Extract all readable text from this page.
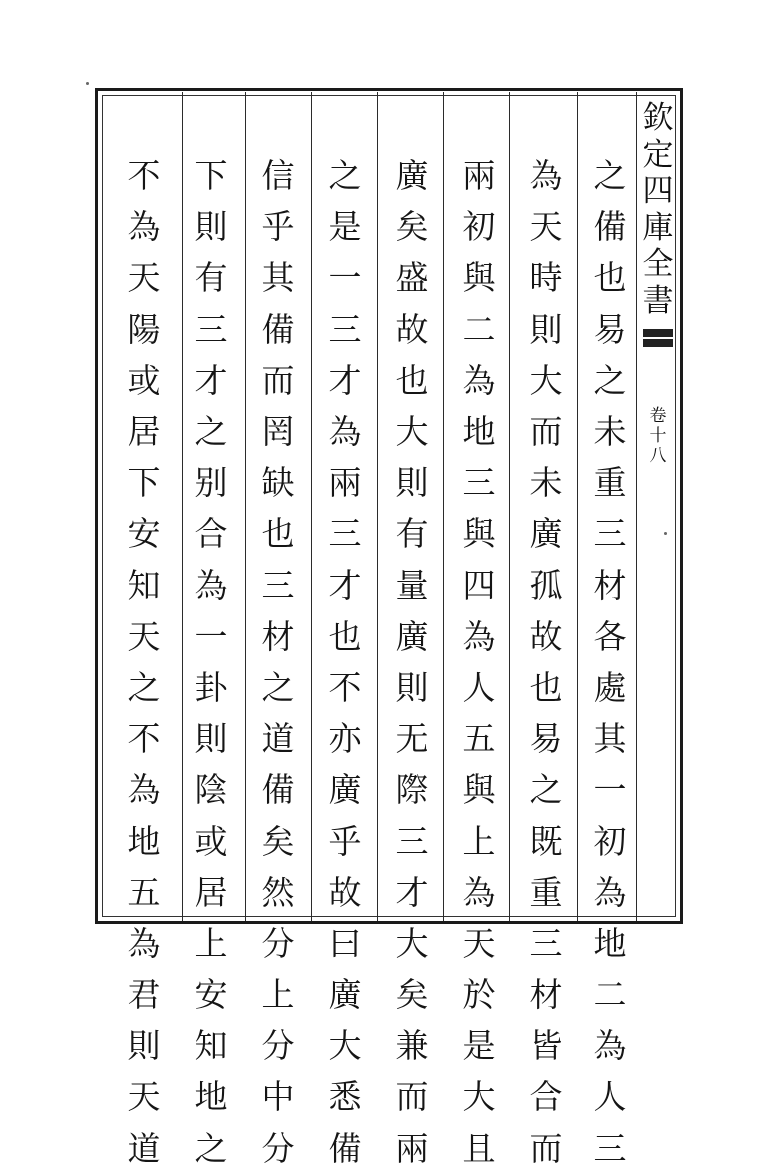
欽
定
四
庫
全
書
卷
十
八
之
備
也
易
之
未
重
三
材
各
處
其
一
初
為
地
二
為
人
三
為
天
時
則
大
而
未
廣
孤
故
也
易
之
既
重
三
材
皆
合
而
兩
初
與
二
為
地
三
與
四
為
人
五
與
上
為
天
於
是
大
且
廣
矣
盛
故
也
大
則
有
量
廣
則
无
際
三
才
大
矣
兼
而
兩
之
是
一
三
才
為
兩
三
才
也
不
亦
廣
乎
故
曰
廣
大
悉
備
信
乎
其
備
而
罔
缺
也
三
材
之
道
備
矣
然
分
上
分
中
分
下
則
有
三
才
之
别
合
為
一
卦
則
陰
或
居
上
安
知
地
之
不
為
天
陽
或
居
下
安
知
天
之
不
為
地
五
為
君
則
天
道
